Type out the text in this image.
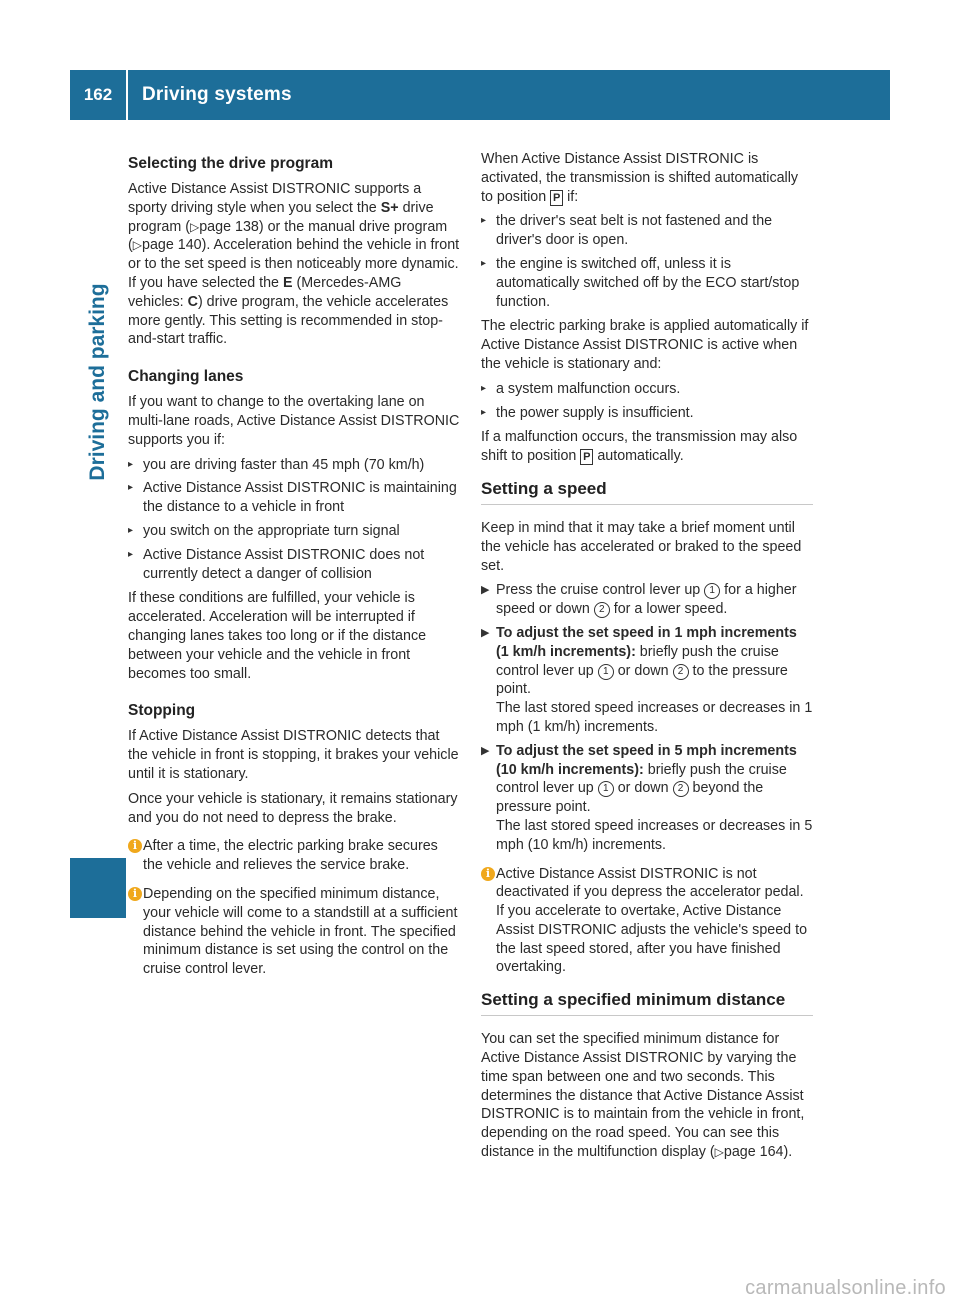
162	Driving systems
Driving and parking
Selecting the drive program

Active Distance Assist DISTRONIC supports a sporty driving style when you select the S+ drive program (▷page 138) or the manual drive program (▷page 140). Acceleration behind the vehicle in front or to the set speed is then noticeably more dynamic. If you have selected the E (Mercedes-AMG vehicles: C) drive program, the vehicle accelerates more gently. This setting is recommended in stop-and-start traffic.

Changing lanes

If you want to change to the overtaking lane on multi-lane roads, Active Distance Assist DISTRONIC supports you if:

▸ you are driving faster than 45 mph (70 km/h)
▸ Active Distance Assist DISTRONIC is maintaining the distance to a vehicle in front
▸ you switch on the appropriate turn signal
▸ Active Distance Assist DISTRONIC does not currently detect a danger of collision

If these conditions are fulfilled, your vehicle is accelerated. Acceleration will be interrupted if changing lanes takes too long or if the distance between your vehicle and the vehicle in front becomes too small.

Stopping

If Active Distance Assist DISTRONIC detects that the vehicle in front is stopping, it brakes your vehicle until it is stationary.

Once your vehicle is stationary, it remains stationary and you do not need to depress the brake.

i After a time, the electric parking brake secures the vehicle and relieves the service brake.
i Depending on the specified minimum distance, your vehicle will come to a standstill at a sufficient distance behind the vehicle in front. The specified minimum distance is set using the control on the cruise control lever.

When Active Distance Assist DISTRONIC is activated, the transmission is shifted automatically to position P if:

▸ the driver's seat belt is not fastened and the driver's door is open.
▸ the engine is switched off, unless it is automatically switched off by the ECO start/stop function.

The electric parking brake is applied automatically if Active Distance Assist DISTRONIC is active when the vehicle is stationary and:

▸ a system malfunction occurs.
▸ the power supply is insufficient.

If a malfunction occurs, the transmission may also shift to position P automatically.

Setting a speed

Keep in mind that it may take a brief moment until the vehicle has accelerated or braked to the speed set.

▶ Press the cruise control lever up 1 for a higher speed or down 2 for a lower speed.
▶ To adjust the set speed in 1 mph increments (1 km/h increments): briefly push the cruise control lever up 1 or down 2 to the pressure point.
The last stored speed increases or decreases in 1 mph (1 km/h) increments.
▶ To adjust the set speed in 5 mph increments (10 km/h increments): briefly push the cruise control lever up 1 or down 2 beyond the pressure point.
The last stored speed increases or decreases in 5 mph (10 km/h) increments.
i Active Distance Assist DISTRONIC is not deactivated if you depress the accelerator pedal. If you accelerate to overtake, Active Distance Assist DISTRONIC adjusts the vehicle's speed to the last speed stored, after you have finished overtaking.
Setting a specified minimum distance

You can set the specified minimum distance for Active Distance Assist DISTRONIC by varying the time span between one and two seconds. This determines the distance that Active Distance Assist DISTRONIC is to maintain from the vehicle in front, depending on the road speed. You can see this distance in the multifunction display (▷page 164).

carmanualsonline.info
